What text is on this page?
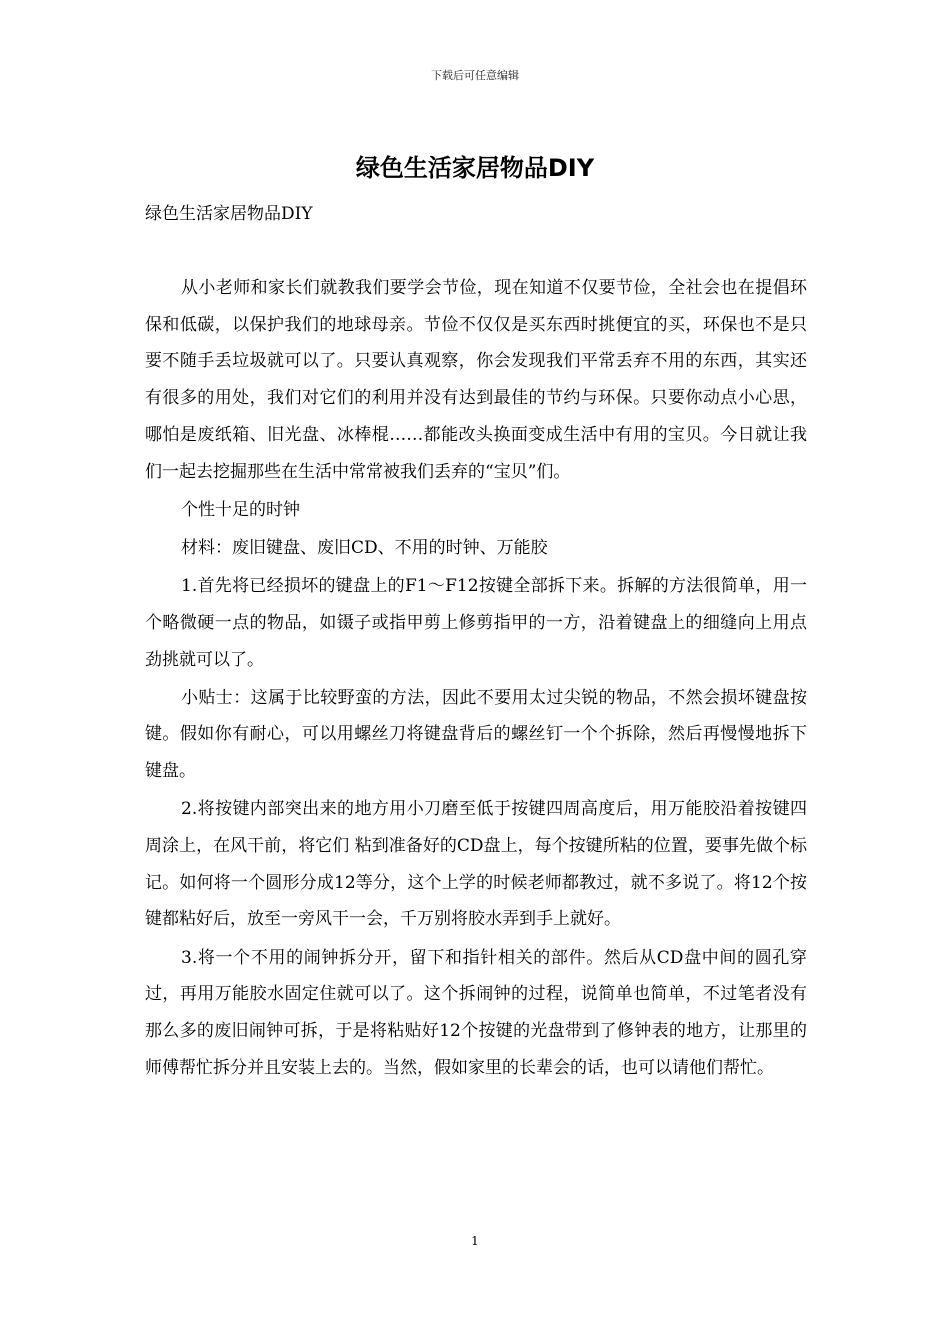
下载后可任意编辑
绿色生活家居物品DIY
绿色生活家居物品DIY

从小老师和家长们就教我们要学会节俭，现在知道不仅要节俭，全社会也在提倡环保和低碳，以保护我们的地球母亲。节俭不仅仅是买东西时挑便宜的买，环保也不是只要不随手丢垃圾就可以了。只要认真观察，你会发现我们平常丢弃不用的东西，其实还有很多的用处，我们对它们的利用并没有达到最佳的节约与环保。只要你动点小心思，哪怕是废纸箱、旧光盘、冰棒棍……都能改头换面变成生活中有用的宝贝。今日就让我们一起去挖掘那些在生活中常常被我们丢弃的“宝贝”们。

个性十足的时钟

材料：废旧键盘、废旧CD、不用的时钟、万能胶

1.首先将已经损坏的键盘上的F1～F12按键全部拆下来。拆解的方法很简单，用一个略微硬一点的物品，如镊子或指甲剪上修剪指甲的一方，沿着键盘上的细缝向上用点劲挑就可以了。

小贴士：这属于比较野蛮的方法，因此不要用太过尖锐的物品，不然会损坏键盘按键。假如你有耐心，可以用螺丝刀将键盘背后的螺丝钉一个个拆除，然后再慢慢地拆下键盘。

2.将按键内部突出来的地方用小刀磨至低于按键四周高度后，用万能胶沿着按键四周涂上，在风干前，将它们 粘到准备好的CD盘上，每个按键所粘的位置，要事先做个标记。如何将一个圆形分成12等分，这个上学的时候老师都教过，就不多说了。将12个按键都粘好后，放至一旁风干一会，千万别将胶水弄到手上就好。

3.将一个不用的闹钟拆分开，留下和指针相关的部件。然后从CD盘中间的圆孔穿过，再用万能胶水固定住就可以了。这个拆闹钟的过程，说简单也简单，不过笔者没有那么多的废旧闹钟可拆，于是将粘贴好12个按键的光盘带到了修钟表的地方，让那里的师傅帮忙拆分并且安装上去的。当然，假如家里的长辈会的话，也可以请他们帮忙。

1
